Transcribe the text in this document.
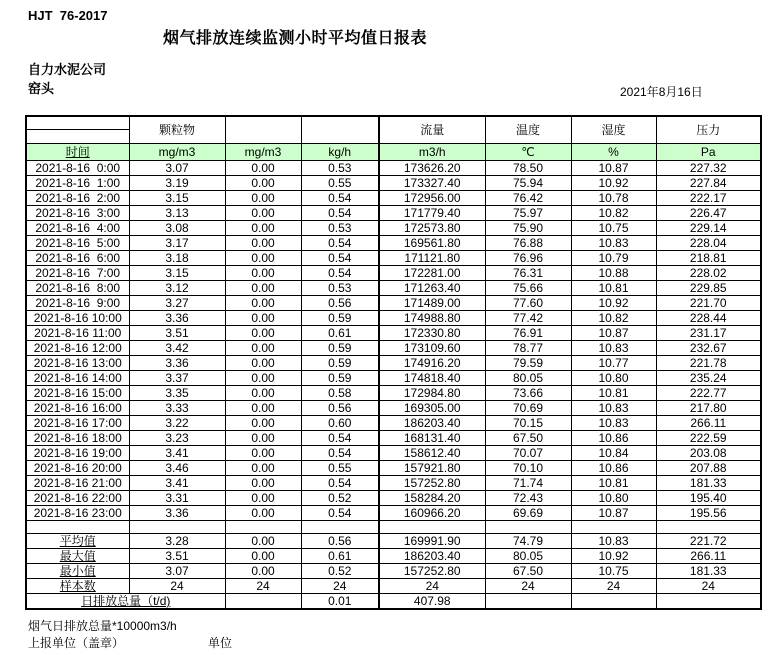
HJT  76-2017
烟气排放连续监测小时平均值日报表
自力水泥公司
窑头	2021年8月16日
	颗粒物			流量	温度	湿度	压力

时间	mg/m3	mg/m3	kg/h	m3/h	℃	%	Pa
2021-8-16  0:00	3.07	0.00	0.53	173626.20	78.50	10.87	227.32
2021-8-16  1:00	3.19	0.00	0.55	173327.40	75.94	10.92	227.84
2021-8-16  2:00	3.15	0.00	0.54	172956.00	76.42	10.78	222.17
2021-8-16  3:00	3.13	0.00	0.54	171779.40	75.97	10.82	226.47
2021-8-16  4:00	3.08	0.00	0.53	172573.80	75.90	10.75	229.14
2021-8-16  5:00	3.17	0.00	0.54	169561.80	76.88	10.83	228.04
2021-8-16  6:00	3.18	0.00	0.54	171121.80	76.96	10.79	218.81
2021-8-16  7:00	3.15	0.00	0.54	172281.00	76.31	10.88	228.02
2021-8-16  8:00	3.12	0.00	0.53	171263.40	75.66	10.81	229.85
2021-8-16  9:00	3.27	0.00	0.56	171489.00	77.60	10.92	221.70
2021-8-16 10:00	3.36	0.00	0.59	174988.80	77.42	10.82	228.44
2021-8-16 11:00	3.51	0.00	0.61	172330.80	76.91	10.87	231.17
2021-8-16 12:00	3.42	0.00	0.59	173109.60	78.77	10.83	232.67
2021-8-16 13:00	3.36	0.00	0.59	174916.20	79.59	10.77	221.78
2021-8-16 14:00	3.37	0.00	0.59	174818.40	80.05	10.80	235.24
2021-8-16 15:00	3.35	0.00	0.58	172984.80	73.66	10.81	222.77
2021-8-16 16:00	3.33	0.00	0.56	169305.00	70.69	10.83	217.80
2021-8-16 17:00	3.22	0.00	0.60	186203.40	70.15	10.83	266.11
2021-8-16 18:00	3.23	0.00	0.54	168131.40	67.50	10.86	222.59
2021-8-16 19:00	3.41	0.00	0.54	158612.40	70.07	10.84	203.08
2021-8-16 20:00	3.46	0.00	0.55	157921.80	70.10	10.86	207.88
2021-8-16 21:00	3.41	0.00	0.54	157252.80	71.74	10.81	181.33
2021-8-16 22:00	3.31	0.00	0.52	158284.20	72.43	10.80	195.40
2021-8-16 23:00	3.36	0.00	0.54	160966.20	69.69	10.87	195.56

平均值	3.28	0.00	0.56	169991.90	74.79	10.83	221.72
最大值	3.51	0.00	0.61	186203.40	80.05	10.92	266.11
最小值	3.07	0.00	0.52	157252.80	67.50	10.75	181.33
样本数	24	24	24	24	24	24	24
日排放总量（t/d)			0.01	407.98			
烟气日排放总量*10000m3/h
上报单位（盖章）	单位
